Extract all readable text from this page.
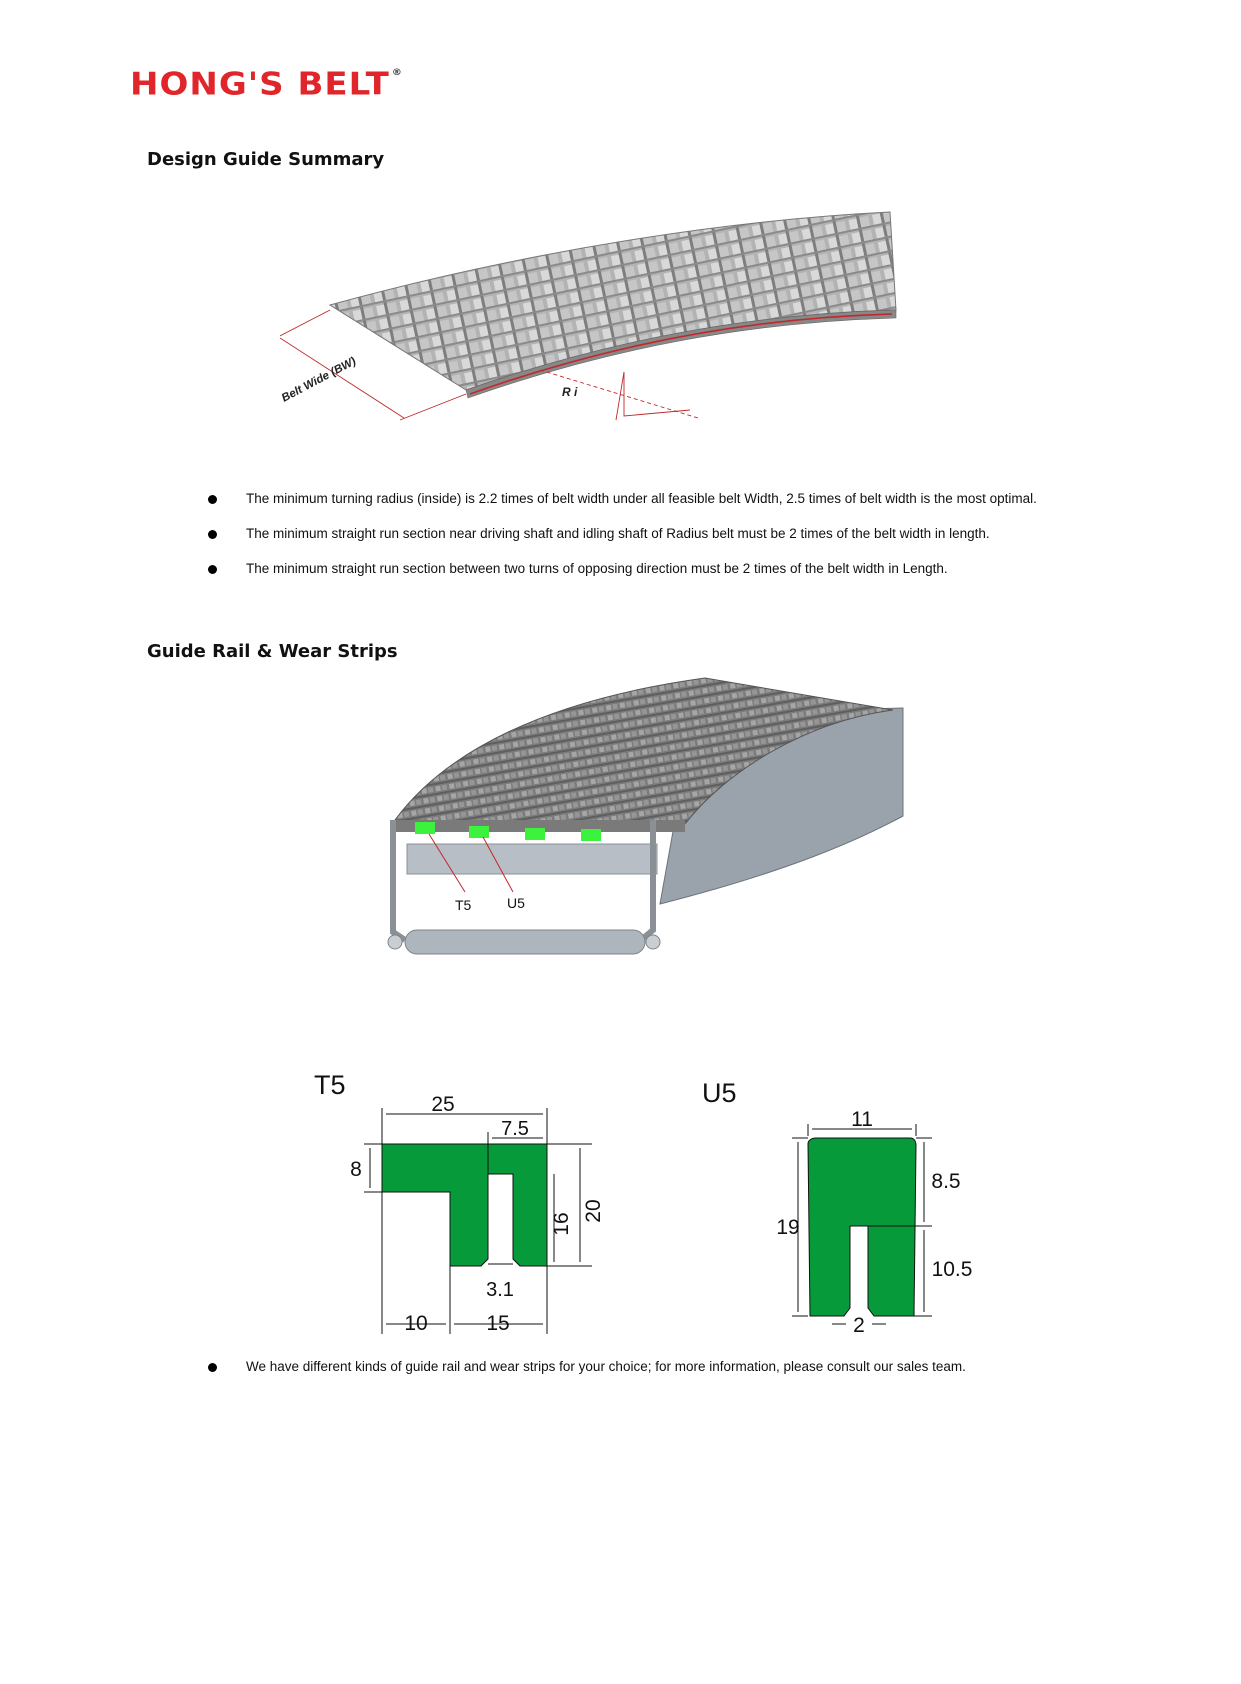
HONG'S BELT ®
Design Guide Summary
Belt Wide (BW)	R i
The minimum turning radius (inside) is 2.2 times of belt width under all feasible belt Width, 2.5 times of belt width is the most optimal.
The minimum straight run section near driving shaft and idling shaft of Radius belt must be 2 times of the belt width in length.
The minimum straight run section between two turns of opposing direction must be 2 times of the belt width in Length.
Guide Rail & Wear Strips
T5	U5
T5
25
7.5
8
16
20
3.1
10	15
U5
11
19
8.5
10.5
2
We have different kinds of guide rail and wear strips for your choice; for more information, please consult our sales team.
